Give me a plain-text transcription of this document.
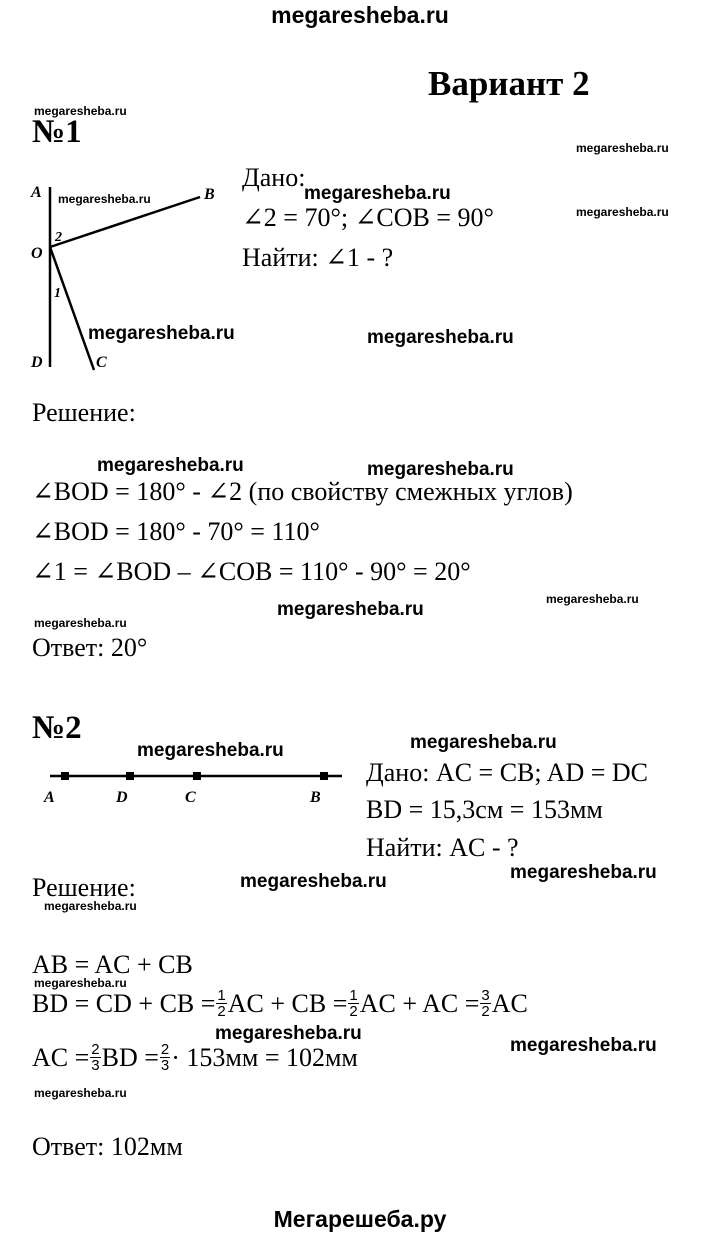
megaresheba.ru
Вариант 2
megaresheba.ru
№1	megaresheba.ru
A	B
O
D	C
1
2
megaresheba.ru
Дано:
megaresheba.ru
∠2 = 70°; ∠COB = 90°	megaresheba.ru
Найти: ∠1 - ?
megaresheba.ru	megaresheba.ru
Решение:
megaresheba.ru	megaresheba.ru
∠BOD = 180° - ∠2 (по свойству смежных углов)
∠BOD = 180° - 70° = 110°
∠1 = ∠BOD – ∠COB = 110° - 90° = 20°
megaresheba.ru
megaresheba.ru
megaresheba.ru
Ответ: 20°
№2	megaresheba.ru
megaresheba.ru
A	D	C	B
Дано: AC = CB; AD = DC
BD = 15,3см = 153мм
Найти: AC - ?
megaresheba.ru
megaresheba.ru
Решение:
megaresheba.ru
AB = AC + CB
megaresheba.ru
BD = CD + CB = $\frac{1}{2}$ AC + CB = $\frac{1}{2}$ AC + AC = $\frac{3}{2}$ AC
megaresheba.ru
megaresheba.ru
AC = $\frac{2}{3}$ BD = $\frac{2}{3} \cdot 153мм = 102мм$
megaresheba.ru
Ответ: 102мм
Мегарешеба.ру
